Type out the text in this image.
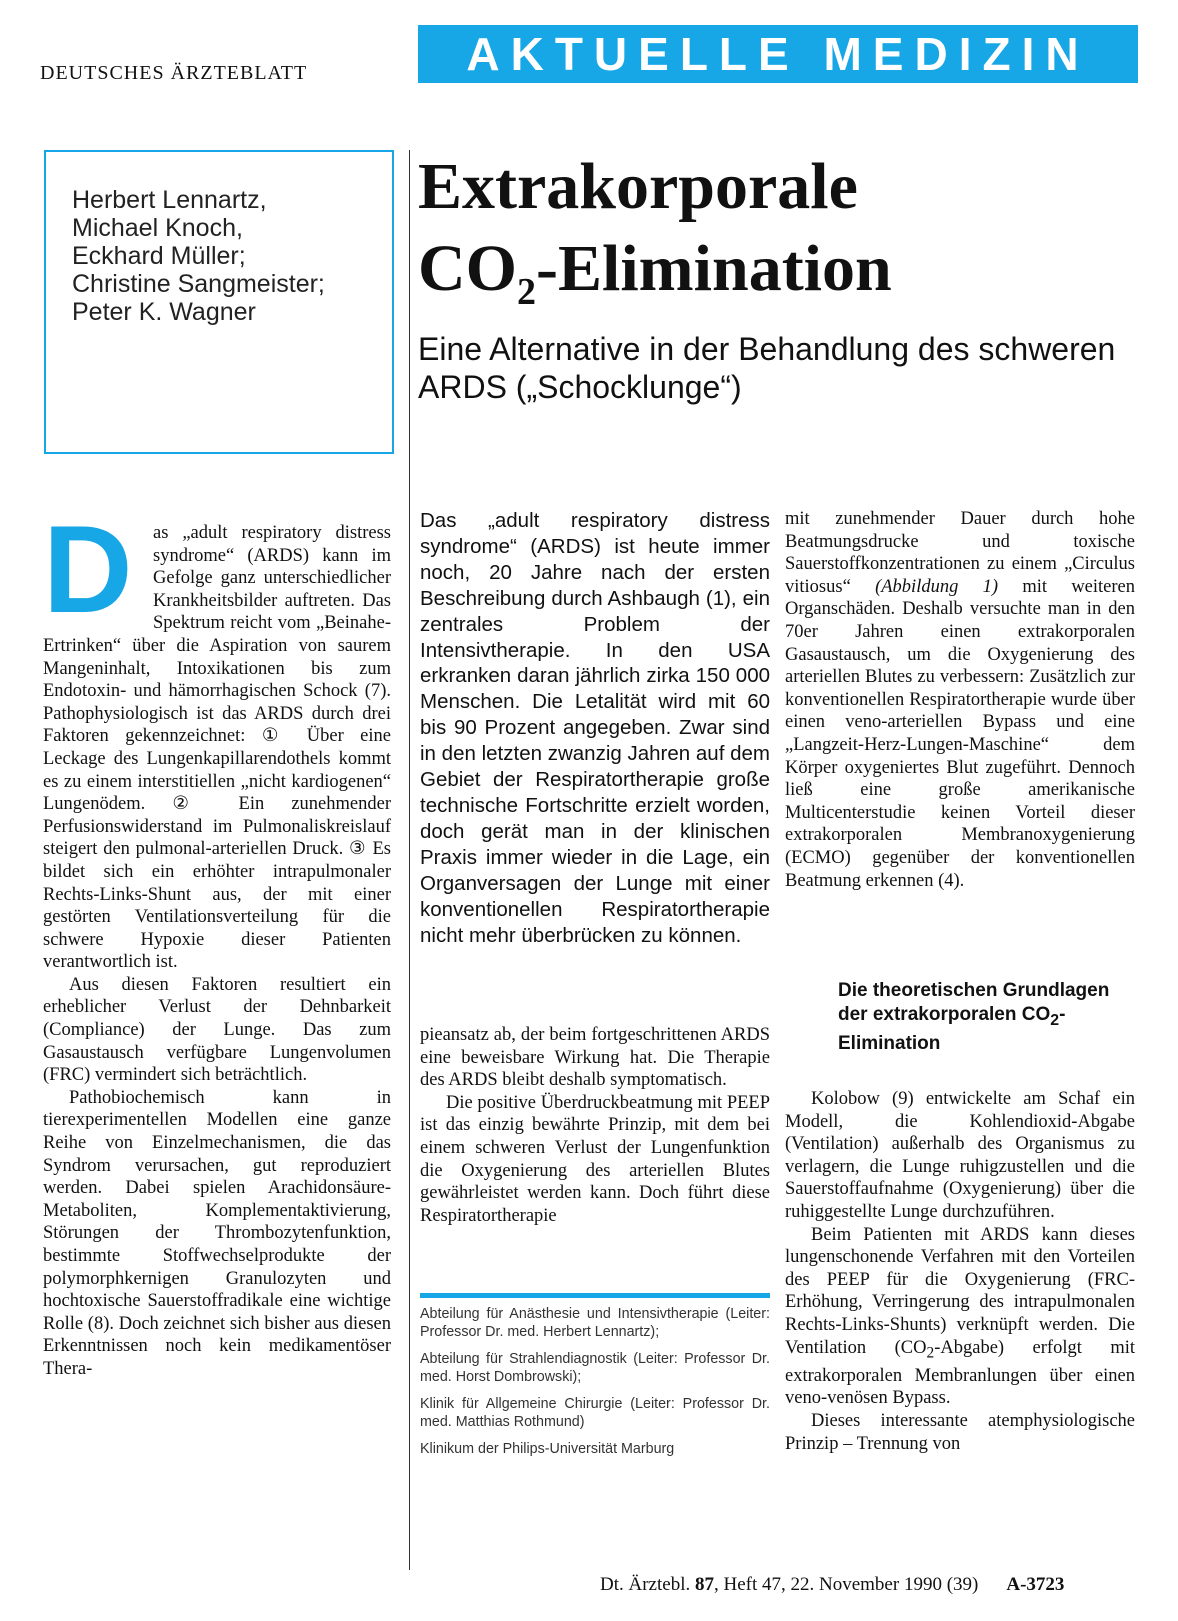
DEUTSCHES ÄRZTEBLATT	AKTUELLE MEDIZIN
Herbert Lennartz,
Michael Knoch,
Eckhard Müller;
Christine Sangmeister;
Peter K. Wagner
Extrakorporale
$CO_2$-Elimination
Eine Alternative in der Behandlung des schweren ARDS („Schocklunge“)
D	as „adult respiratory distress syndrome“ (ARDS) kann im Gefolge ganz unterschiedlicher Krankheitsbilder auftreten. Das Spektrum reicht vom „Beinahe-Ertrinken“ über die Aspiration von saurem Mangeninhalt, Intoxikationen bis zum Endotoxin- und hämorrhagischen Schock (7). Pathophysiologisch ist das ARDS durch drei Faktoren gekennzeichnet: ① Über eine Leckage des Lungenkapillarendothels kommt es zu einem interstitiellen „nicht kardiogenen“ Lungenödem. ② Ein zunehmender Perfusionswiderstand im Pulmonaliskreislauf steigert den pulmonal-arteriellen Druck. ③ Es bildet sich ein erhöhter intrapulmonaler Rechts-Links-Shunt aus, der mit einer gestörten Ventilationsverteilung für die schwere Hypoxie dieser Patienten verantwortlich ist.

Aus diesen Faktoren resultiert ein erheblicher Verlust der Dehnbarkeit (Compliance) der Lunge. Das zum Gasaustausch verfügbare Lungenvolumen (FRC) vermindert sich beträchtlich.

Pathobiochemisch kann in tierexperimentellen Modellen eine ganze Reihe von Einzelmechanismen, die das Syndrom verursachen, gut reproduziert werden. Dabei spielen Arachidonsäure-Metaboliten, Komplementaktivierung, Störungen der Thrombozytenfunktion, bestimmte Stoffwechselprodukte der polymorphkernigen Granulozyten und hochtoxische Sauerstoffradikale eine wichtige Rolle (8). Doch zeichnet sich bisher aus diesen Erkenntnissen noch kein medikamentöser Thera-

Das „adult respiratory distress syndrome“ (ARDS) ist heute immer noch, 20 Jahre nach der ersten Beschreibung durch Ashbaugh (1), ein zentrales Problem der Intensivtherapie. In den USA erkranken daran jährlich zirka 150 000 Menschen. Die Letalität wird mit 60 bis 90 Prozent angegeben. Zwar sind in den letzten zwanzig Jahren auf dem Gebiet der Respiratortherapie große technische Fortschritte erzielt worden, doch gerät man in der klinischen Praxis immer wieder in die Lage, ein Organversagen der Lunge mit einer konventionellen Respiratortherapie nicht mehr überbrücken zu können.

pieansatz ab, der beim fortgeschrittenen ARDS eine beweisbare Wirkung hat. Die Therapie des ARDS bleibt deshalb symptomatisch.

Die positive Überdruckbeatmung mit PEEP ist das einzig bewährte Prinzip, mit dem bei einem schweren Verlust der Lungenfunktion die Oxygenierung des arteriellen Blutes gewährleistet werden kann. Doch führt diese Respiratortherapie

Abteilung für Anästhesie und Intensivtherapie (Leiter: Professor Dr. med. Herbert Lennartz);

Abteilung für Strahlendiagnostik (Leiter: Professor Dr. med. Horst Dombrowski);

Klinik für Allgemeine Chirurgie (Leiter: Professor Dr. med. Matthias Rothmund)

Klinikum der Philips-Universität Marburg

mit zunehmender Dauer durch hohe Beatmungsdrucke und toxische Sauerstoffkonzentrationen zu einem „Circulus vitiosus“ (Abbildung 1) mit weiteren Organschäden. Deshalb versuchte man in den 70er Jahren einen extrakorporalen Gasaustausch, um die Oxygenierung des arteriellen Blutes zu verbessern: Zusätzlich zur konventionellen Respiratortherapie wurde über einen veno-arteriellen Bypass und eine „Langzeit-Herz-Lungen-Maschine“ dem Körper oxygeniertes Blut zugeführt. Dennoch ließ eine große amerikanische Multicenterstudie keinen Vorteil dieser extrakorporalen Membranoxygenierung (ECMO) gegenüber der konventionellen Beatmung erkennen (4).

Die theoretischen Grundlagen der extrakorporalen $CO_2$-Elimination

Kolobow (9) entwickelte am Schaf ein Modell, die Kohlendioxid-Abgabe (Ventilation) außerhalb des Organismus zu verlagern, die Lunge ruhigzustellen und die Sauerstoffaufnahme (Oxygenierung) über die ruhiggestellte Lunge durchzuführen.

Beim Patienten mit ARDS kann dieses lungenschonende Verfahren mit den Vorteilen des PEEP für die Oxygenierung (FRC-Erhöhung, Verringerung des intrapulmonalen Rechts-Links-Shunts) verknüpft werden. Die Ventilation $(CO_2-Abgabe)$ erfolgt mit extrakorporalen Membranlungen über einen veno-venösen Bypass.

Dieses interessante atemphysiologische Prinzip – Trennung von

Dt. Ärztebl. 87, Heft 47, 22. November 1990 (39) A-3723
